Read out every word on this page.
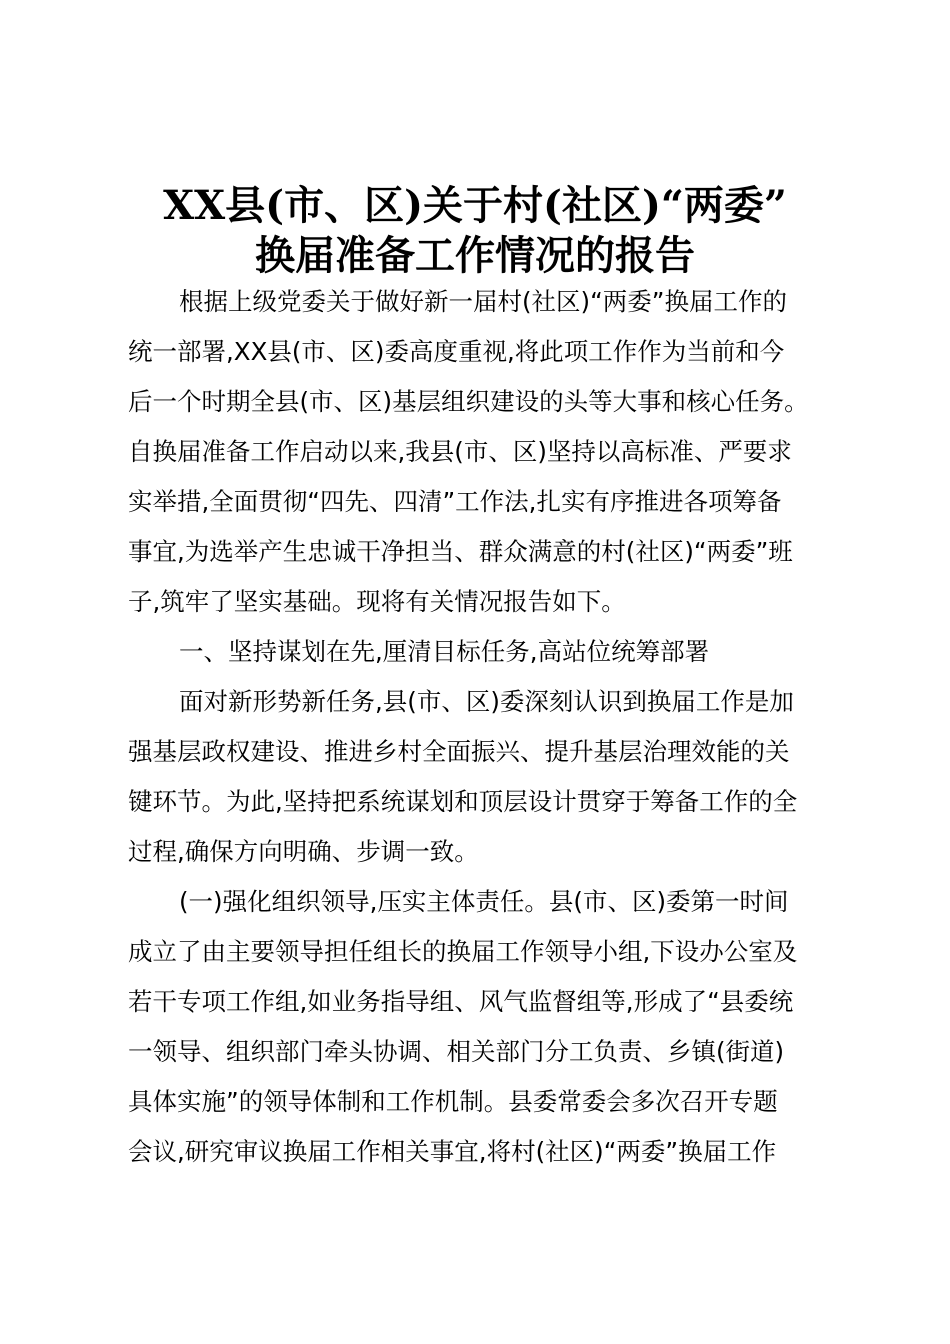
XX县(市、区)关于村(社区)“两委”
换届准备工作情况的报告

根据上级党委关于做好新一届村(社区)“两委”换届工作的

统一部署,XX县(市、区)委高度重视,将此项工作作为当前和今

后一个时期全县(市、区)基层组织建设的头等大事和核心任务。

自换届准备工作启动以来,我县(市、区)坚持以高标准、严要求

实举措,全面贯彻“四先、四清”工作法,扎实有序推进各项筹备

事宜,为选举产生忠诚干净担当、群众满意的村(社区)“两委”班

子,筑牢了坚实基础。现将有关情况报告如下。

一、坚持谋划在先,厘清目标任务,高站位统筹部署

面对新形势新任务,县(市、区)委深刻认识到换届工作是加

强基层政权建设、推进乡村全面振兴、提升基层治理效能的关

键环节。为此,坚持把系统谋划和顶层设计贯穿于筹备工作的全

过程,确保方向明确、步调一致。

(一)强化组织领导,压实主体责任。县(市、区)委第一时间

成立了由主要领导担任组长的换届工作领导小组,下设办公室及

若干专项工作组,如业务指导组、风气监督组等,形成了“县委统

一领导、组织部门牵头协调、相关部门分工负责、乡镇(街道)

具体实施”的领导体制和工作机制。县委常委会多次召开专题

会议,研究审议换届工作相关事宜,将村(社区)“两委”换届工作
